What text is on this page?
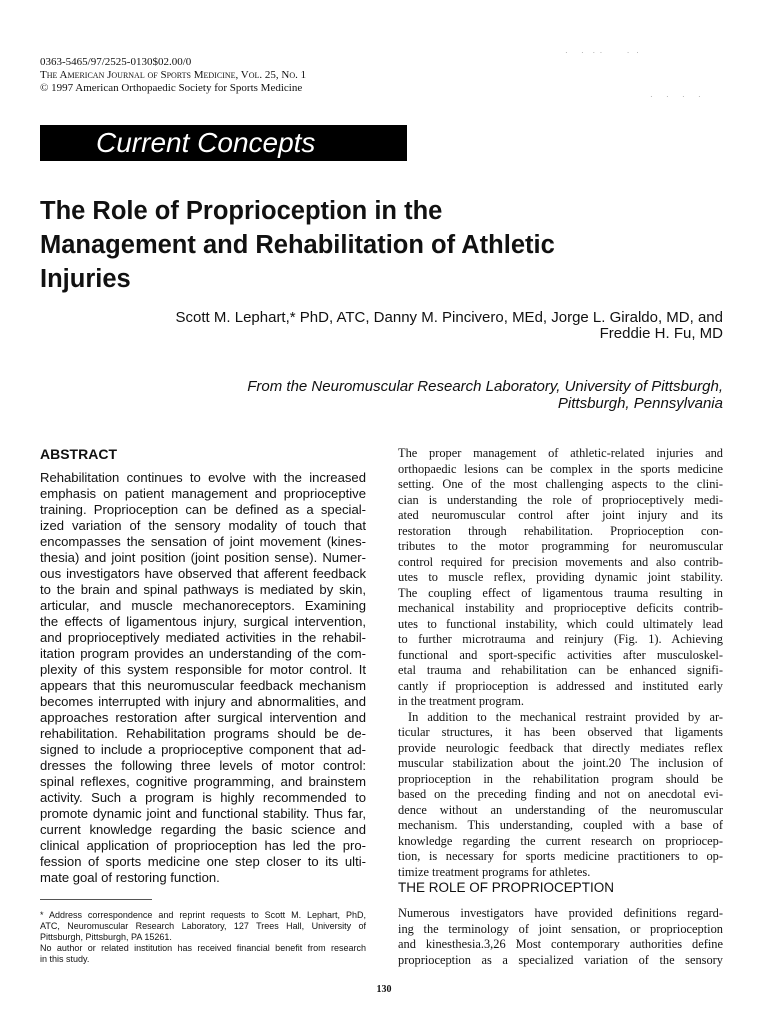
0363-5465/97/2525-0130$02.00/0
The American Journal of Sports Medicine, Vol. 25, No. 1
© 1997 American Orthopaedic Society for Sports Medicine
·      ·    ·  ·           ·   ·
·      ·      ·      ·
Current Concepts
The Role of Proprioception in the
Management and Rehabilitation of Athletic
Injuries
Scott M. Lephart,* PhD, ATC, Danny M. Pincivero, MEd, Jorge L. Giraldo, MD, and
Freddie H. Fu, MD
From the Neuromuscular Research Laboratory, University of Pittsburgh,
Pittsburgh, Pennsylvania
ABSTRACT
Rehabilitation continues to evolve with the increased
emphasis on patient management and proprioceptive
training. Proprioception can be defined as a special-
ized variation of the sensory modality of touch that
encompasses the sensation of joint movement (kines-
thesia) and joint position (joint position sense). Numer-
ous investigators have observed that afferent feedback
to the brain and spinal pathways is mediated by skin,
articular, and muscle mechanoreceptors. Examining
the effects of ligamentous injury, surgical intervention,
and proprioceptively mediated activities in the rehabil-
itation program provides an understanding of the com-
plexity of this system responsible for motor control. It
appears that this neuromuscular feedback mechanism
becomes interrupted with injury and abnormalities, and
approaches restoration after surgical intervention and
rehabilitation. Rehabilitation programs should be de-
signed to include a proprioceptive component that ad-
dresses the following three levels of motor control:
spinal reflexes, cognitive programming, and brainstem
activity. Such a program is highly recommended to
promote dynamic joint and functional stability. Thus far,
current knowledge regarding the basic science and
clinical application of proprioception has led the pro-
fession of sports medicine one step closer to its ulti-
mate goal of restoring function.
* Address correspondence and reprint requests to Scott M. Lephart, PhD,
ATC, Neuromuscular Research Laboratory, 127 Trees Hall, University of
Pittsburgh, Pittsburgh, PA 15261.
No author or related institution has received financial benefit from research
in this study.
The proper management of athletic-related injuries and
orthopaedic lesions can be complex in the sports medicine
setting. One of the most challenging aspects to the clini-
cian is understanding the role of proprioceptively medi-
ated neuromuscular control after joint injury and its
restoration through rehabilitation. Proprioception con-
tributes to the motor programming for neuromuscular
control required for precision movements and also contrib-
utes to muscle reflex, providing dynamic joint stability.
The coupling effect of ligamentous trauma resulting in
mechanical instability and proprioceptive deficits contrib-
utes to functional instability, which could ultimately lead
to further microtrauma and reinjury (Fig. 1). Achieving
functional and sport-specific activities after musculoskel-
etal trauma and rehabilitation can be enhanced signifi-
cantly if proprioception is addressed and instituted early
in the treatment program.
In addition to the mechanical restraint provided by ar-
ticular structures, it has been observed that ligaments
provide neurologic feedback that directly mediates reflex
muscular stabilization about the joint.20 The inclusion of
proprioception in the rehabilitation program should be
based on the preceding finding and not on anecdotal evi-
dence without an understanding of the neuromuscular
mechanism. This understanding, coupled with a base of
knowledge regarding the current research on propriocep-
tion, is necessary for sports medicine practitioners to op-
timize treatment programs for athletes.
THE ROLE OF PROPRIOCEPTION
Numerous investigators have provided definitions regard-
ing the terminology of joint sensation, or proprioception
and kinesthesia.3,26 Most contemporary authorities define
proprioception as a specialized variation of the sensory
130
